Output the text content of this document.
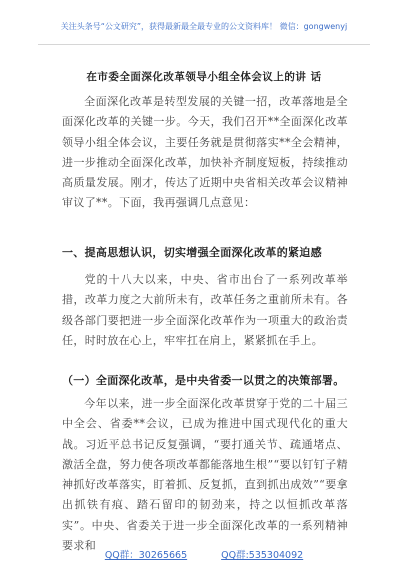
关注头条号“公文研究”，获得最新最全最专业的公文资料库！ 微信：gongwenyj
在市委全面深化改革领导小组全体会议上的讲 话
全面深化改革是转型发展的关键一招，改革落地是全面深化改革的关键一步。今天，我们召开**全面深化改革领导小组全体会议，主要任务就是贯彻落实**全会精神，进一步推动全面深化改革，加快补齐制度短板，持续推动高质量发展。刚才，传达了近期中央省相关改革会议精神审议了**。下面，我再强调几点意见：
一、提高思想认识，切实增强全面深化改革的紧迫感
党的十八大以来，中央、省市出台了一系列改革举措，改革力度之大前所未有，改革任务之重前所未有。各级各部门要把进一步全面深化改革作为一项重大的政治责任，时时放在心上，牢牢扛在肩上，紧紧抓在手上。
（一）全面深化改革，是中央省委一以贯之的决策部署。
今年以来，进一步全面深化改革贯穿于党的二十届三中全会、省委**会议，已成为推进中国式现代化的重大战。习近平总书记反复强调，“要打通关节、疏通堵点、激活全盘，努力使各项改革都能落地生根”“要以钉钉子精神抓好改革落实，盯着抓、反复抓，直到抓出成效”“要拿出抓铁有痕、踏石留印的韧劲来，持之以恒抓改革落实”。中央、省委关于进一步全面深化改革的一系列精神要求和
QQ群：30265665	QQ群:535304092
